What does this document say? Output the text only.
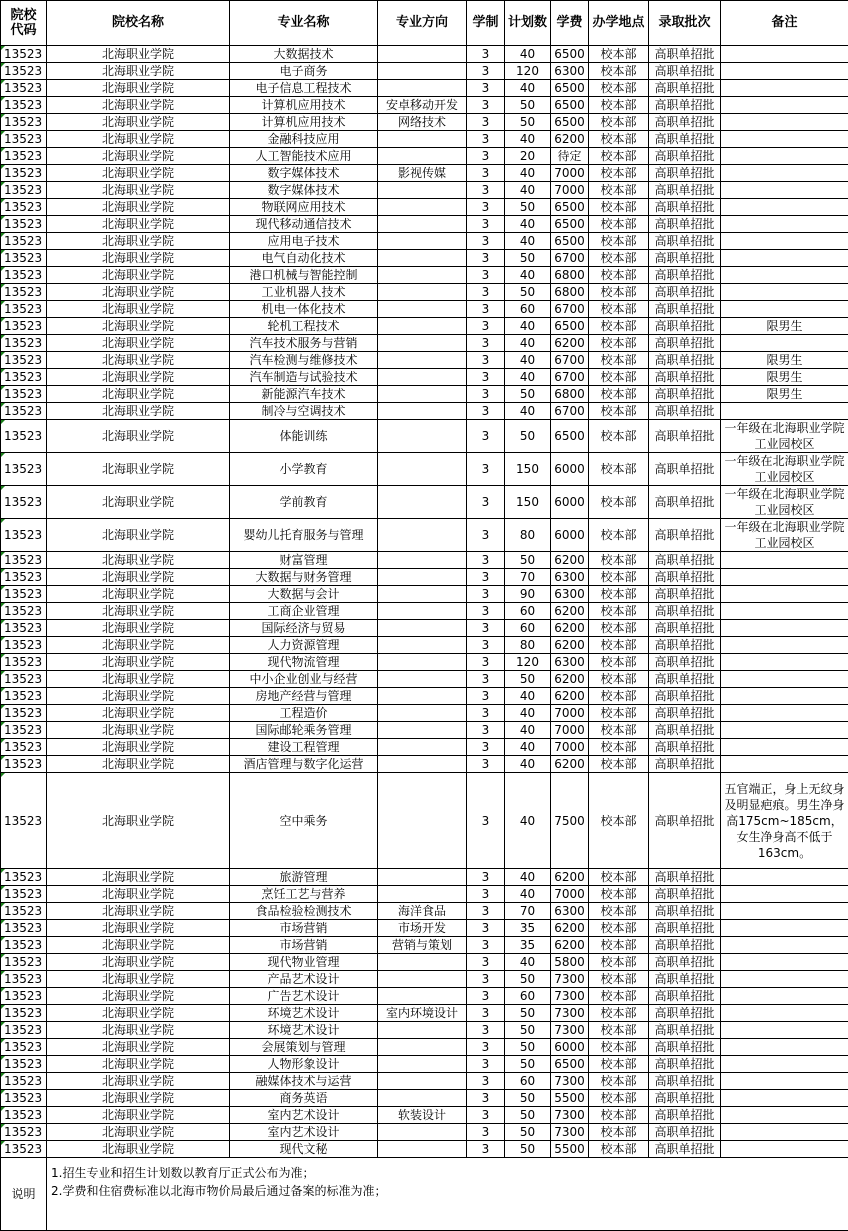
院校代码	院校名称	专业名称	专业方向	学制	计划数	学费	办学地点	录取批次	备注
13523	北海职业学院	大数据技术		3	40	6500	校本部	高职单招批	
13523	北海职业学院	电子商务		3	120	6300	校本部	高职单招批	
13523	北海职业学院	电子信息工程技术		3	40	6500	校本部	高职单招批	
13523	北海职业学院	计算机应用技术	安卓移动开发	3	50	6500	校本部	高职单招批	
13523	北海职业学院	计算机应用技术	网络技术	3	50	6500	校本部	高职单招批	
13523	北海职业学院	金融科技应用		3	40	6200	校本部	高职单招批	
13523	北海职业学院	人工智能技术应用		3	20	待定	校本部	高职单招批	
13523	北海职业学院	数字媒体技术	影视传媒	3	40	7000	校本部	高职单招批	
13523	北海职业学院	数字媒体技术		3	40	7000	校本部	高职单招批	
13523	北海职业学院	物联网应用技术		3	50	6500	校本部	高职单招批	
13523	北海职业学院	现代移动通信技术		3	40	6500	校本部	高职单招批	
13523	北海职业学院	应用电子技术		3	40	6500	校本部	高职单招批	
13523	北海职业学院	电气自动化技术		3	50	6700	校本部	高职单招批	
13523	北海职业学院	港口机械与智能控制		3	40	6800	校本部	高职单招批	
13523	北海职业学院	工业机器人技术		3	50	6800	校本部	高职单招批	
13523	北海职业学院	机电一体化技术		3	60	6700	校本部	高职单招批	
13523	北海职业学院	轮机工程技术		3	40	6500	校本部	高职单招批	限男生
13523	北海职业学院	汽车技术服务与营销		3	40	6200	校本部	高职单招批	
13523	北海职业学院	汽车检测与维修技术		3	40	6700	校本部	高职单招批	限男生
13523	北海职业学院	汽车制造与试验技术		3	40	6700	校本部	高职单招批	限男生
13523	北海职业学院	新能源汽车技术		3	50	6800	校本部	高职单招批	限男生
13523	北海职业学院	制冷与空调技术		3	40	6700	校本部	高职单招批	
13523	北海职业学院	体能训练		3	50	6500	校本部	高职单招批	一年级在北海职业学院工业园校区
13523	北海职业学院	小学教育		3	150	6000	校本部	高职单招批	一年级在北海职业学院工业园校区
13523	北海职业学院	学前教育		3	150	6000	校本部	高职单招批	一年级在北海职业学院工业园校区
13523	北海职业学院	婴幼儿托育服务与管理		3	80	6000	校本部	高职单招批	一年级在北海职业学院工业园校区
13523	北海职业学院	财富管理		3	50	6200	校本部	高职单招批	
13523	北海职业学院	大数据与财务管理		3	70	6300	校本部	高职单招批	
13523	北海职业学院	大数据与会计		3	90	6300	校本部	高职单招批	
13523	北海职业学院	工商企业管理		3	60	6200	校本部	高职单招批	
13523	北海职业学院	国际经济与贸易		3	60	6200	校本部	高职单招批	
13523	北海职业学院	人力资源管理		3	80	6200	校本部	高职单招批	
13523	北海职业学院	现代物流管理		3	120	6300	校本部	高职单招批	
13523	北海职业学院	中小企业创业与经营		3	50	6200	校本部	高职单招批	
13523	北海职业学院	房地产经营与管理		3	40	6200	校本部	高职单招批	
13523	北海职业学院	工程造价		3	40	7000	校本部	高职单招批	
13523	北海职业学院	国际邮轮乘务管理		3	40	7000	校本部	高职单招批	
13523	北海职业学院	建设工程管理		3	40	7000	校本部	高职单招批	
13523	北海职业学院	酒店管理与数字化运营		3	40	6200	校本部	高职单招批	
13523	北海职业学院	空中乘务		3	40	7500	校本部	高职单招批	五官端正，身上无纹身及明显疤痕。男生净身高175cm~185cm，女生净身高不低于163cm。
13523	北海职业学院	旅游管理		3	40	6200	校本部	高职单招批	
13523	北海职业学院	烹饪工艺与营养		3	40	7000	校本部	高职单招批	
13523	北海职业学院	食品检验检测技术	海洋食品	3	70	6300	校本部	高职单招批	
13523	北海职业学院	市场营销	市场开发	3	35	6200	校本部	高职单招批	
13523	北海职业学院	市场营销	营销与策划	3	35	6200	校本部	高职单招批	
13523	北海职业学院	现代物业管理		3	40	5800	校本部	高职单招批	
13523	北海职业学院	产品艺术设计		3	50	7300	校本部	高职单招批	
13523	北海职业学院	广告艺术设计		3	60	7300	校本部	高职单招批	
13523	北海职业学院	环境艺术设计	室内环境设计	3	50	7300	校本部	高职单招批	
13523	北海职业学院	环境艺术设计		3	50	7300	校本部	高职单招批	
13523	北海职业学院	会展策划与管理		3	50	6000	校本部	高职单招批	
13523	北海职业学院	人物形象设计		3	50	6500	校本部	高职单招批	
13523	北海职业学院	融媒体技术与运营		3	60	7300	校本部	高职单招批	
13523	北海职业学院	商务英语		3	50	5500	校本部	高职单招批	
13523	北海职业学院	室内艺术设计	软装设计	3	50	7300	校本部	高职单招批	
13523	北海职业学院	室内艺术设计		3	50	7300	校本部	高职单招批	
13523	北海职业学院	现代文秘		3	50	5500	校本部	高职单招批	
说明	1.招生专业和招生计划数以教育厅正式公布为准；
2.学费和住宿费标准以北海市物价局最后通过备案的标准为准；								
